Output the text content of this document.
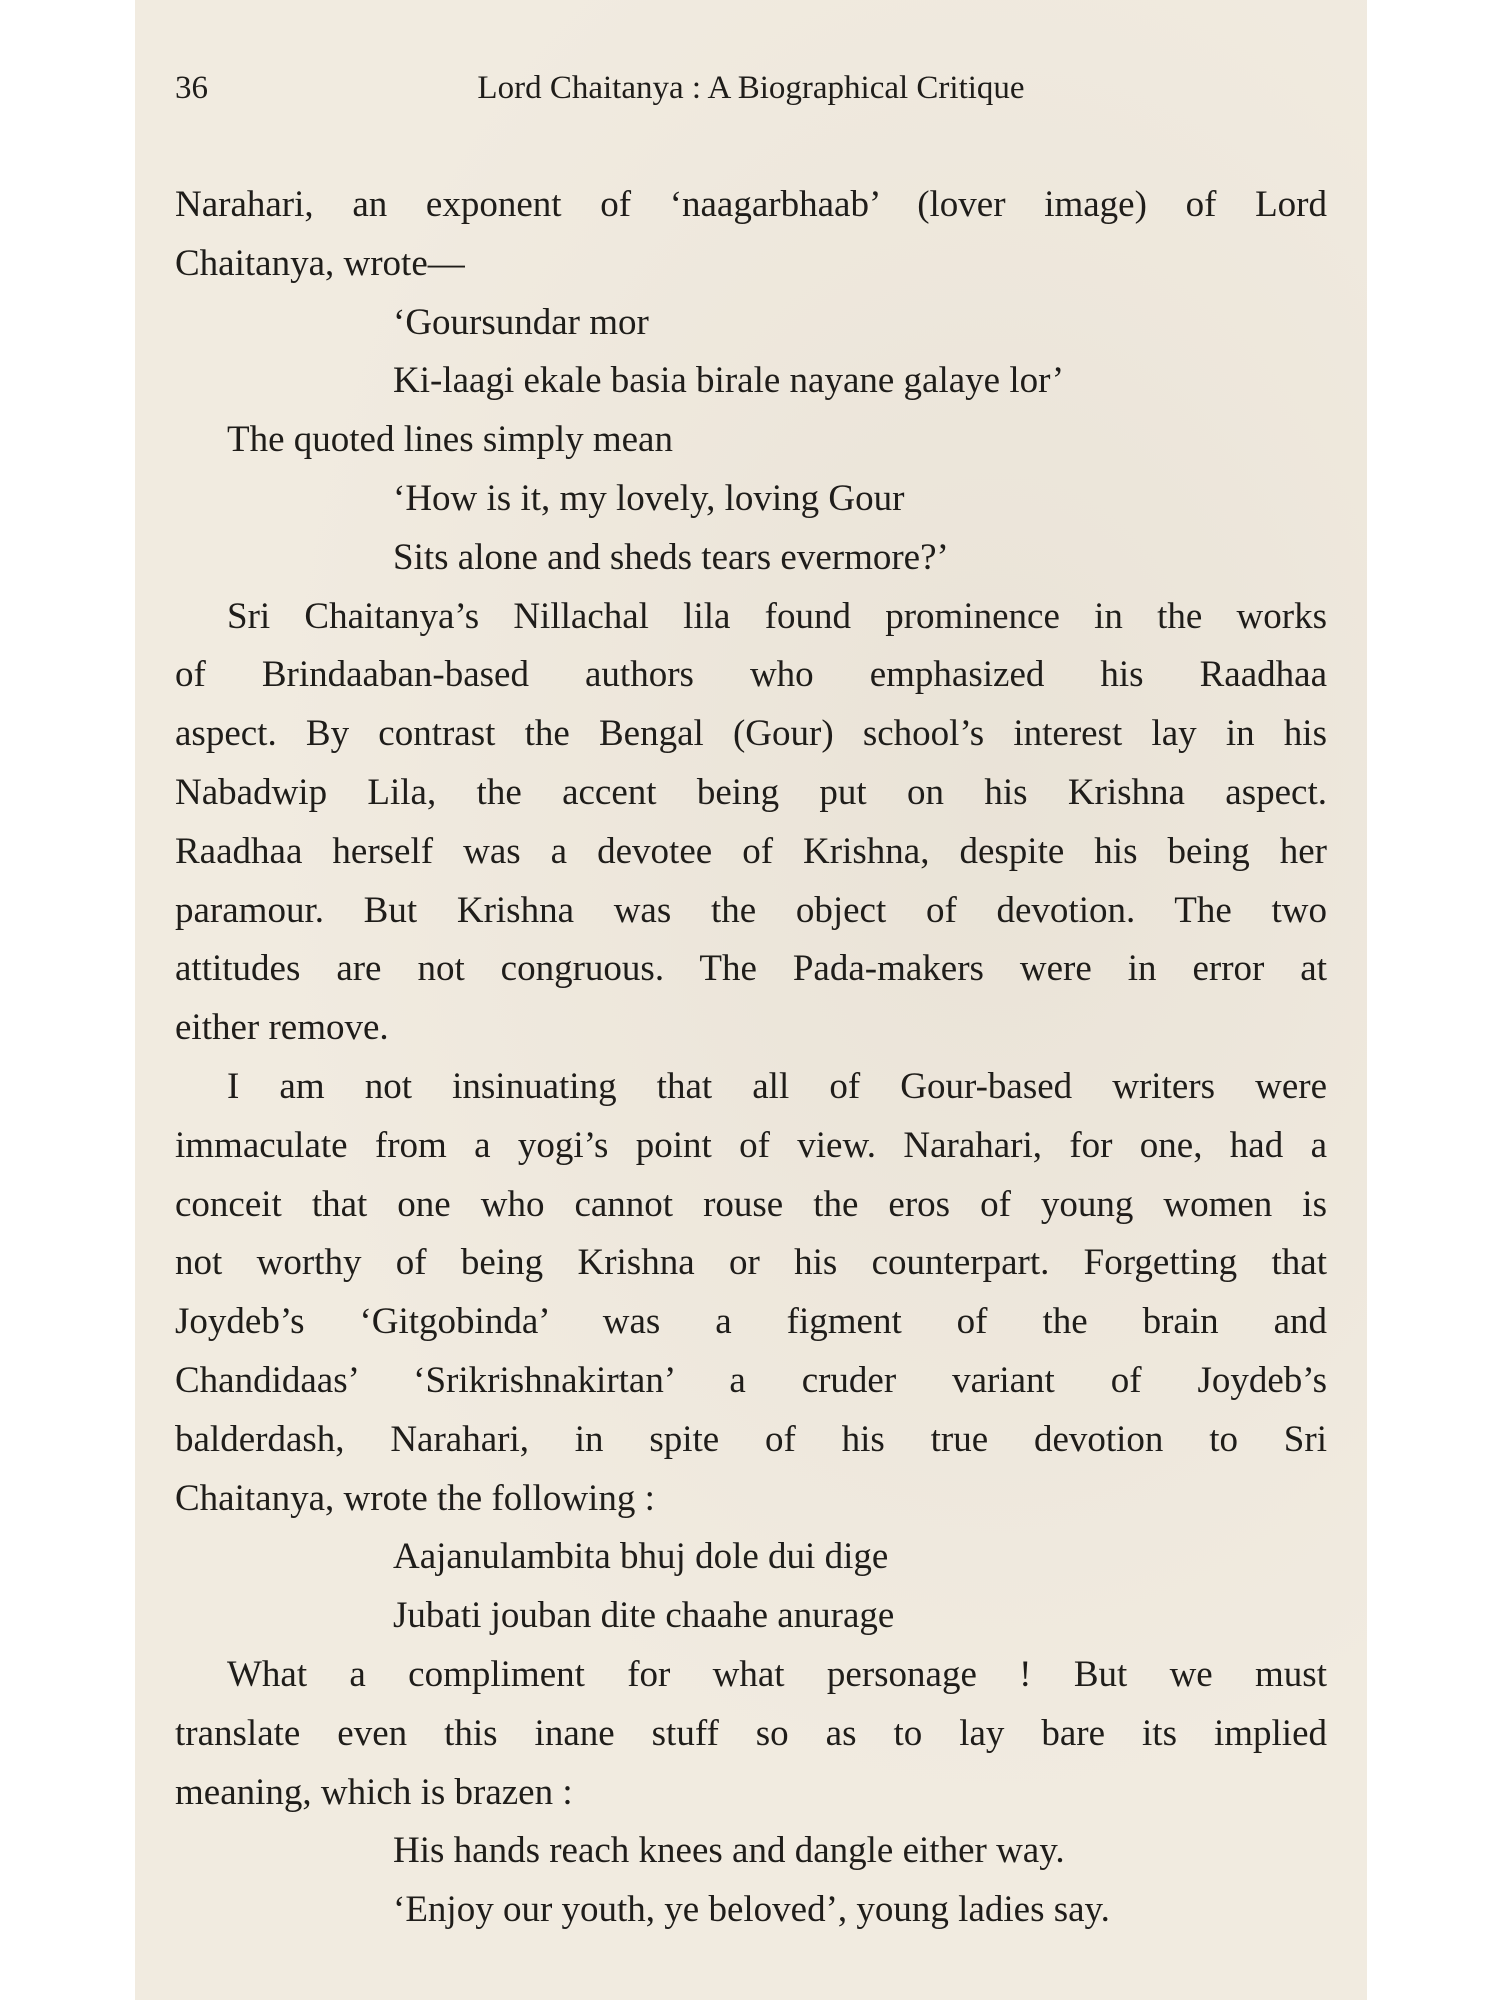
36	Lord Chaitanya : A Biographical Critique
Narahari, an exponent of ‘naagarbhaab’ (lover image) of Lord
Chaitanya, wrote—
‘Goursundar mor
Ki-laagi ekale basia birale nayane galaye lor’
The quoted lines simply mean
‘How is it, my lovely, loving Gour
Sits alone and sheds tears evermore?’
Sri Chaitanya’s Nillachal lila found prominence in the works
of Brindaaban-based authors who emphasized his Raadhaa
aspect. By contrast the Bengal (Gour) school’s interest lay in his
Nabadwip Lila, the accent being put on his Krishna aspect.
Raadhaa herself was a devotee of Krishna, despite his being her
paramour. But Krishna was the object of devotion. The two
attitudes are not congruous. The Pada-makers were in error at
either remove.
I am not insinuating that all of Gour-based writers were
immaculate from a yogi’s point of view. Narahari, for one, had a
conceit that one who cannot rouse the eros of young women is
not worthy of being Krishna or his counterpart. Forgetting that
Joydeb’s ‘Gitgobinda’ was a figment of the brain and
Chandidaas’ ‘Srikrishnakirtan’ a cruder variant of Joydeb’s
balderdash, Narahari, in spite of his true devotion to Sri
Chaitanya, wrote the following :
Aajanulambita bhuj dole dui dige
Jubati jouban dite chaahe anurage
What a compliment for what personage ! But we must
translate even this inane stuff so as to lay bare its implied
meaning, which is brazen :
His hands reach knees and dangle either way.
‘Enjoy our youth, ye beloved’, young ladies say.
